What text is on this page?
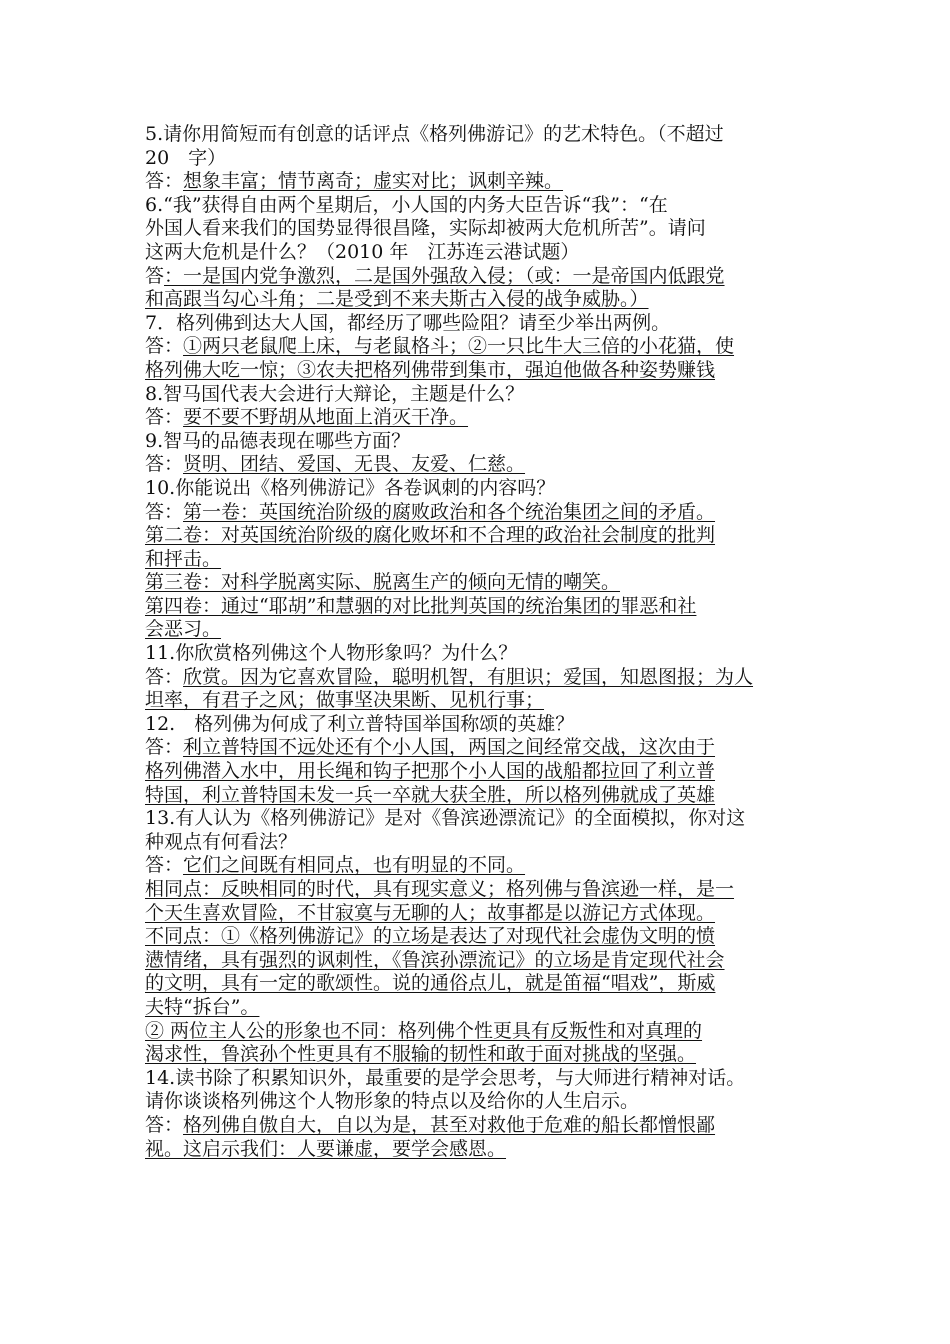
5.请你用简短而有创意的话评点《格列佛游记》的艺术特色。（不超过
20　字）
答：想象丰富；情节离奇；虚实对比；讽刺辛辣。
6.“我”获得自由两个星期后，小人国的内务大臣告诉“我”：“在
外国人看来我们的国势显得很昌隆，实际却被两大危机所苦”。请问
这两大危机是什么？（2010 年　江苏连云港试题）
答：一是国内党争激烈，二是国外强敌入侵；（或：一是帝国内低跟党
和高跟当勾心斗角；二是受到不来夫斯古入侵的战争威胁。）
7．格列佛到达大人国，都经历了哪些险阻？请至少举出两例。
答：①两只老鼠爬上床，与老鼠格斗；②一只比牛大三倍的小花猫，使
格列佛大吃一惊；③农夫把格列佛带到集市，强迫他做各种姿势赚钱
8.智马国代表大会进行大辩论，主题是什么？
答：要不要不野胡从地面上消灭干净。
9.智马的品德表现在哪些方面？
答：贤明、团结、爱国、无畏、友爱、仁慈。
10.你能说出《格列佛游记》各卷讽刺的内容吗？
答：第一卷：英国统治阶级的腐败政治和各个统治集团之间的矛盾。
第二卷：对英国统治阶级的腐化败坏和不合理的政治社会制度的批判
和抨击。
第三卷：对科学脱离实际、脱离生产的倾向无情的嘲笑。
第四卷：通过“耶胡”和慧骃的对比批判英国的统治集团的罪恶和社
会恶习。
11.你欣赏格列佛这个人物形象吗？为什么？
答：欣赏。因为它喜欢冒险，聪明机智，有胆识；爱国，知恩图报；为人
坦率，有君子之风；做事坚决果断、见机行事；
12.　格列佛为何成了利立普特国举国称颂的英雄？
答：利立普特国不远处还有个小人国，两国之间经常交战，这次由于
格列佛潜入水中，用长绳和钩子把那个小人国的战船都拉回了利立普
特国，利立普特国未发一兵一卒就大获全胜，所以格列佛就成了英雄
13.有人认为《格列佛游记》是对《鲁滨逊漂流记》的全面模拟，你对这
种观点有何看法？
答：它们之间既有相同点，也有明显的不同。
相同点：反映相同的时代，具有现实意义；格列佛与鲁滨逊一样，是一
个天生喜欢冒险，不甘寂寞与无聊的人；故事都是以游记方式体现。
不同点：①《格列佛游记》的立场是表达了对现代社会虚伪文明的愤
懑情绪，具有强烈的讽刺性，《鲁滨孙漂流记》的立场是肯定现代社会
的文明，具有一定的歌颂性。说的通俗点儿，就是笛福“唱戏”，斯威
夫特“拆台”。
② 两位主人公的形象也不同：格列佛个性更具有反叛性和对真理的
渴求性，鲁滨孙个性更具有不服输的韧性和敢于面对挑战的坚强。
14.读书除了积累知识外，最重要的是学会思考，与大师进行精神对话。
请你谈谈格列佛这个人物形象的特点以及给你的人生启示。
答：格列佛自傲自大，自以为是，甚至对救他于危难的船长都憎恨鄙
视。这启示我们：人要谦虚，要学会感恩。
